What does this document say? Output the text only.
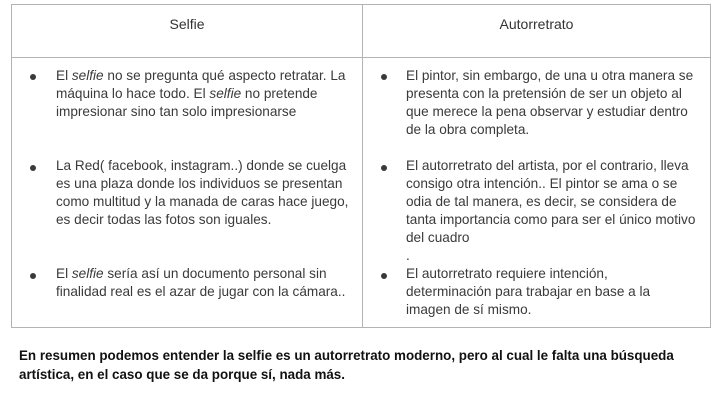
Selfie	Autorretrato
El selfie no se pregunta qué aspecto retratar. La máquina lo hace todo. El selfie no pretende impresionar sino tan solo impresionarse
La Red( facebook, instagram..) donde se cuelga es una plaza donde los individuos se presentan como multitud y la manada de caras hace juego, es decir todas las fotos son iguales.
El selfie sería así un documento personal sin finalidad real es el azar de jugar con la cámara..
El pintor, sin embargo, de una u otra manera se presenta con la pretensión de ser un objeto al que merece la pena observar y estudiar dentro de la obra completa.
El autorretrato del artista, por el contrario, lleva consigo otra intención.. El pintor se ama o se odia de tal manera, es decir, se considera de tanta importancia como para ser el único motivo del cuadro
.
El autorretrato requiere intención, determinación para trabajar en base a la imagen de sí mismo.
En resumen podemos entender la selfie es un autorretrato moderno, pero al cual le falta una búsqueda artística, en el caso que se da porque sí, nada más.
